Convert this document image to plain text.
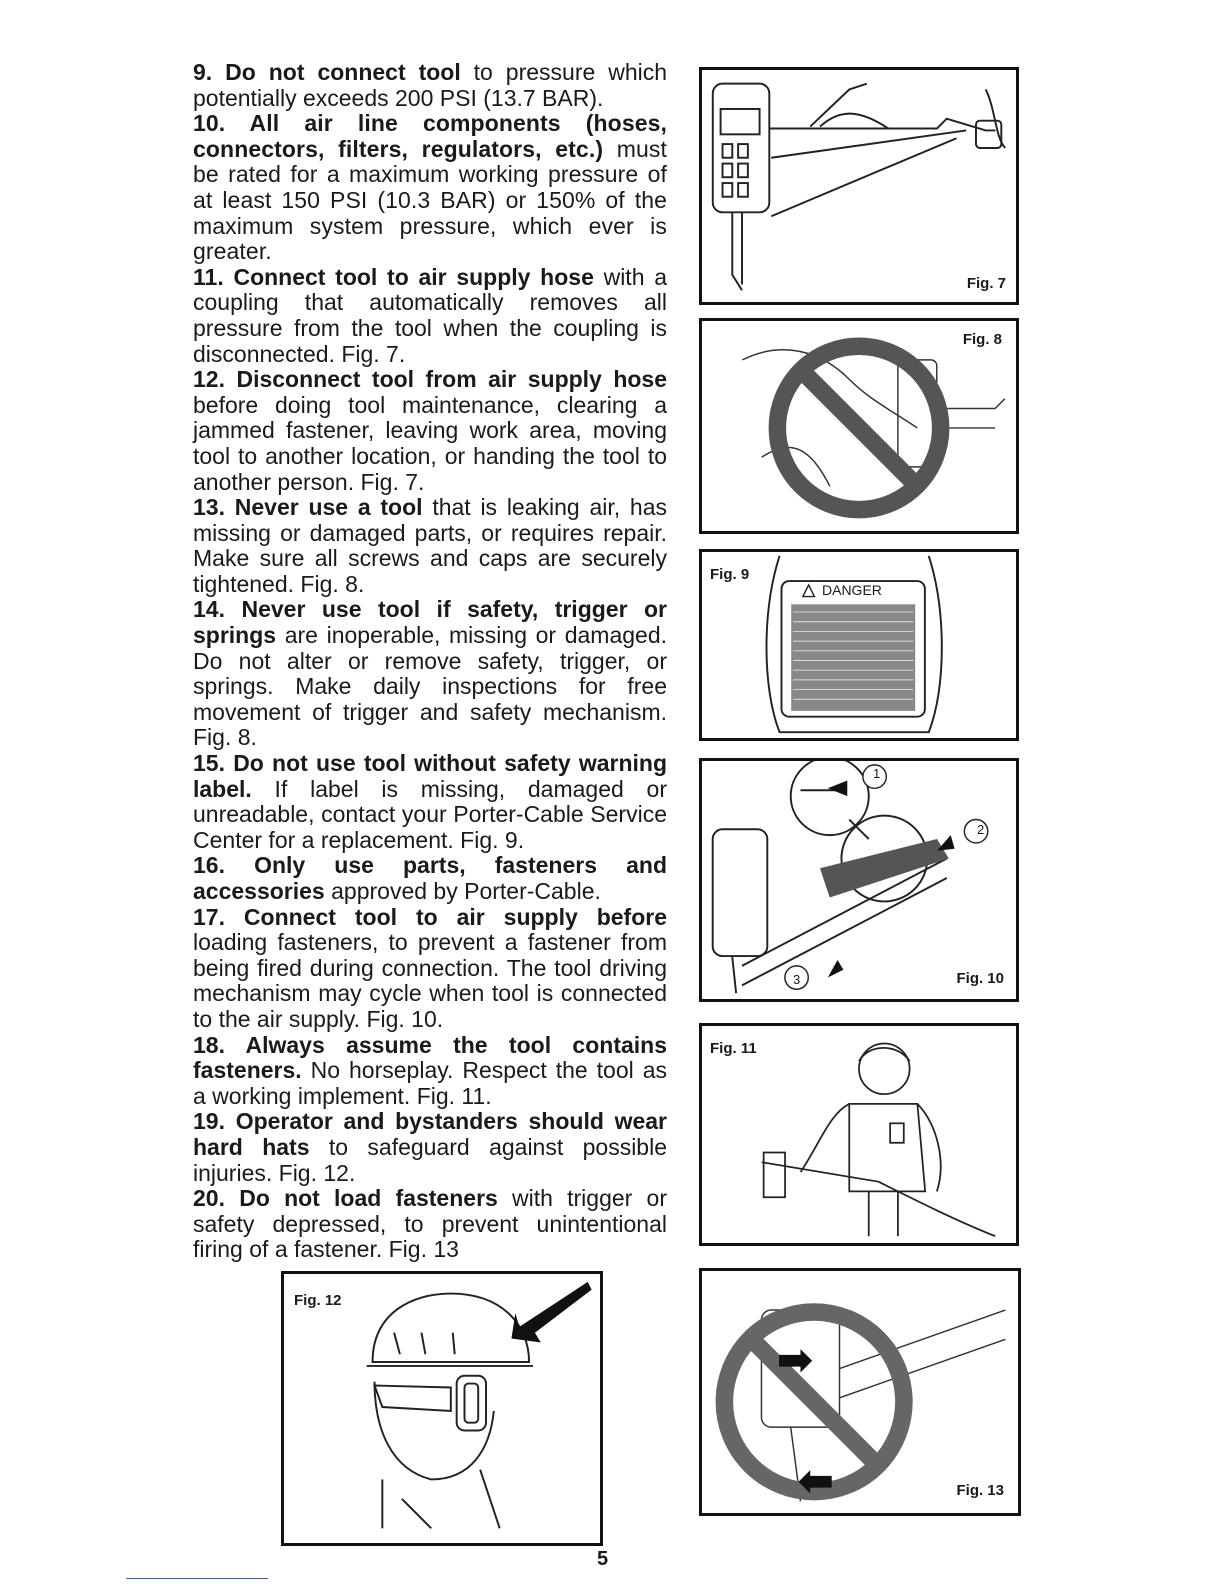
9. Do not connect tool to pressure which potentially exceeds 200 PSI (13.7 BAR).

10. All air line components (hoses, connectors, filters, regulators, etc.) must be rated for a maximum working pressure of at least 150 PSI (10.3 BAR) or 150% of the maximum system pressure, which ever is greater.

11. Connect tool to air supply hose with a coupling that automatically removes all pressure from the tool when the coupling is disconnected. Fig. 7.

12. Disconnect tool from air supply hose before doing tool maintenance, clearing a jammed fastener, leaving work area, moving tool to another location, or handing the tool to another person. Fig. 7.

13. Never use a tool that is leaking air, has missing or damaged parts, or requires repair. Make sure all screws and caps are securely tightened. Fig. 8.

14. Never use tool if safety, trigger or springs are inoperable, missing or damaged. Do not alter or remove safety, trigger, or springs. Make daily inspections for free movement of trigger and safety mechanism. Fig. 8.

15. Do not use tool without safety warning label. If label is missing, damaged or unreadable, contact your Porter-Cable Service Center for a replacement. Fig. 9.

16. Only use parts, fasteners and accessories approved by Porter-Cable.

17. Connect tool to air supply before loading fasteners, to prevent a fastener from being fired during connection. The tool driving mechanism may cycle when tool is connected to the air supply. Fig. 10.

18. Always assume the tool contains fasteners. No horseplay. Respect the tool as a working implement. Fig. 11.

19. Operator and bystanders should wear hard hats to safeguard against possible injuries. Fig. 12.

20. Do not load fasteners with trigger or safety depressed, to prevent unintentional firing of a fastener. Fig. 13

Fig. 7
Fig. 8
Fig. 9
DANGER
1
2
3	Fig. 10
Fig. 11
Fig. 12
Fig. 13
5
